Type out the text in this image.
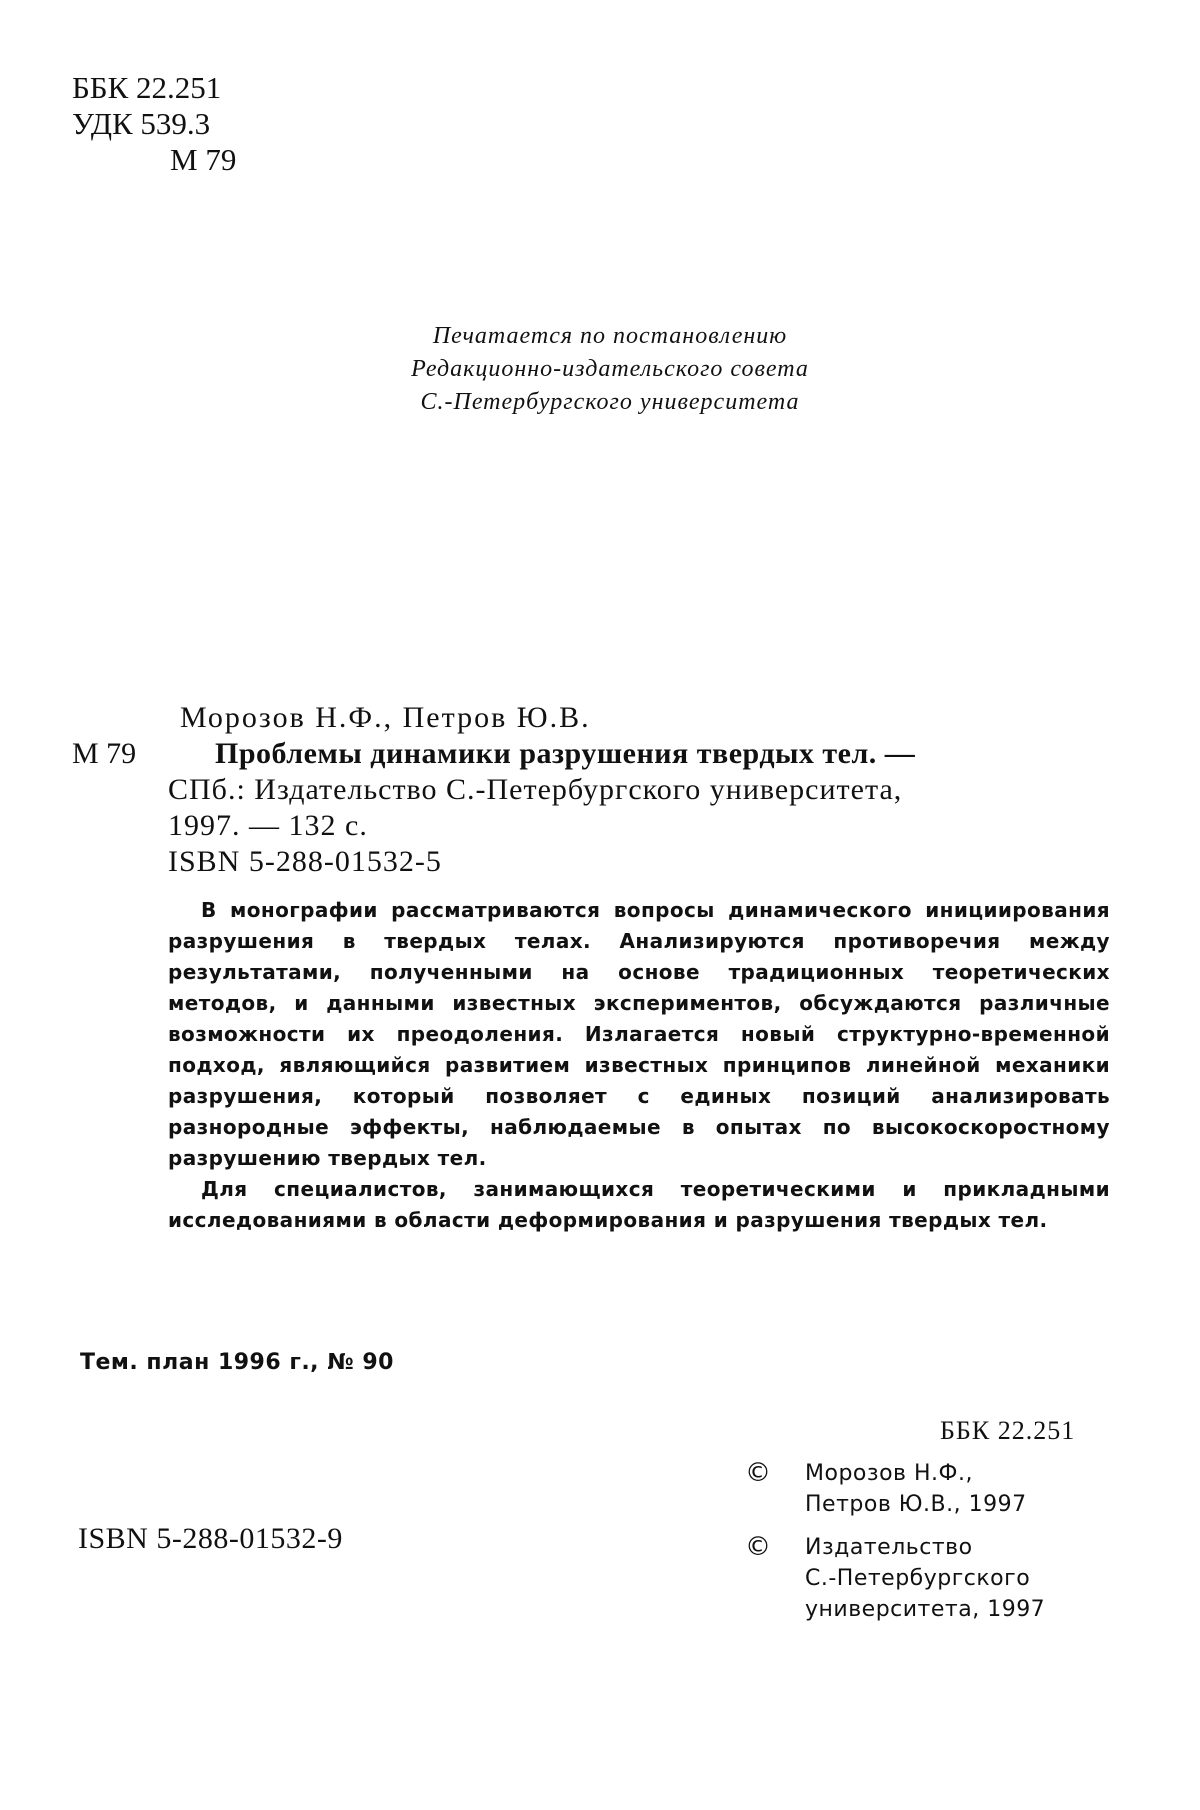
ББК 22.251
УДК 539.3
М 79
Печатается по постановлению
Редакционно-издательского совета
С.-Петербургского университета
Морозов Н.Ф., Петров Ю.В.
М 79	Проблемы динамики разрушения твердых тел. —
СПб.: Издательство С.-Петербургского университета,
1997. — 132 с.
ISBN 5-288-01532-5

В монографии рассматриваются вопросы динамического инициирования разрушения в твердых телах. Анализируются противоречия между результатами, полученными на основе традиционных теоретических методов, и данными известных экспериментов, обсуждаются различные возможности их преодоления. Излагается новый структурно-временной подход, являющийся развитием известных принципов линейной механики разрушения, который позволяет с единых позиций анализировать разнородные эффекты, наблюдаемые в опытах по высокоскоростному разрушению твердых тел.

Для специалистов, занимающихся теоретическими и прикладными исследованиями в области деформирования и разрушения твердых тел.

Тем. план 1996 г., № 90
ББК 22.251
ISBN 5-288-01532-9
© Морозов Н.Ф.,
Петров Ю.В., 1997
© Издательство
С.-Петербургского
университета, 1997
